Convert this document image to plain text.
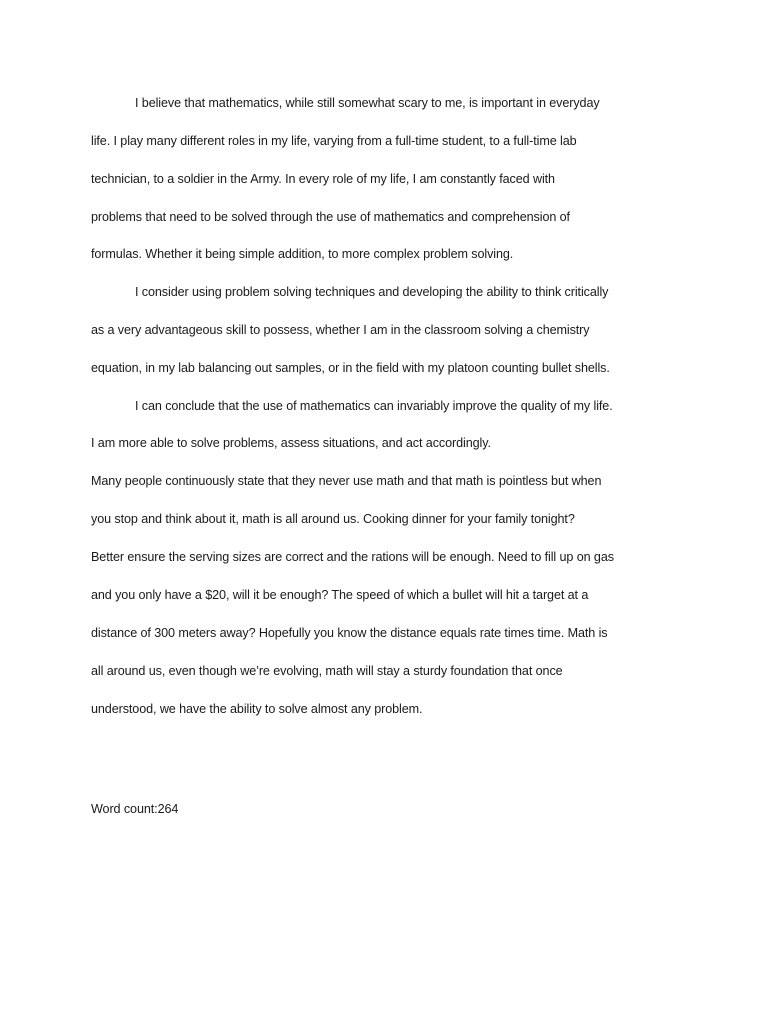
I believe that mathematics, while still somewhat scary to me, is important in everyday
life. I play many different roles in my life, varying from a full-time student, to a full-time lab
technician, to a soldier in the Army. In every role of my life, I am constantly faced with
problems that need to be solved through the use of mathematics and comprehension of
formulas. Whether it being simple addition, to more complex problem solving.
I consider using problem solving techniques and developing the ability to think critically
as a very advantageous skill to possess, whether I am in the classroom solving a chemistry
equation, in my lab balancing out samples, or in the field with my platoon counting bullet shells.
I can conclude that the use of mathematics can invariably improve the quality of my life.
I am more able to solve problems, assess situations, and act accordingly.
Many people continuously state that they never use math and that math is pointless but when
you stop and think about it, math is all around us. Cooking dinner for your family tonight?
Better ensure the serving sizes are correct and the rations will be enough. Need to fill up on gas
and you only have a $20, will it be enough? The speed of which a bullet will hit a target at a
distance of 300 meters away? Hopefully you know the distance equals rate times time. Math is
all around us, even though we’re evolving, math will stay a sturdy foundation that once
understood, we have the ability to solve almost any problem.
Word count:264
